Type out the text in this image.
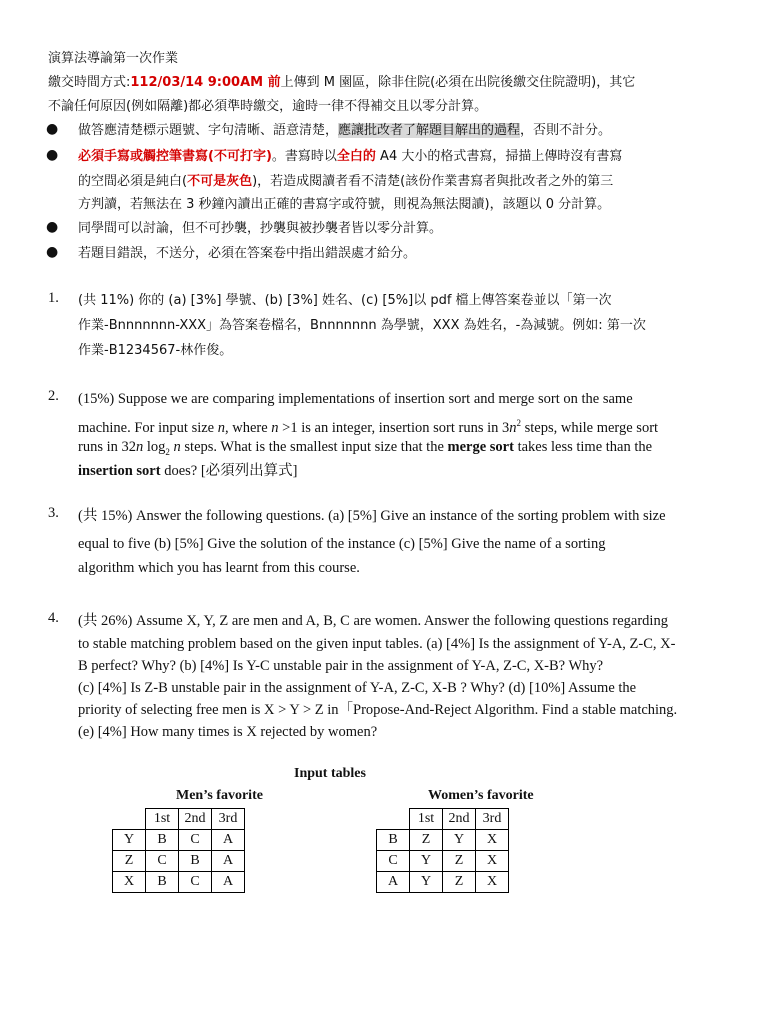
演算法導論第一次作業
繳交時間方式:112/03/14 9:00AM 前上傳到 M 園區，除非住院(必須在出院後繳交住院證明)，其它
不論任何原因(例如隔離)都必須準時繳交，逾時一律不得補交且以零分計算。
● 做答應清楚標示題號、字句清晰、語意清楚，應讓批改者了解題目解出的過程，否則不計分。
● 必須手寫或觸控筆書寫(不可打字)。書寫時以全白的 A4 大小的格式書寫，掃描上傳時沒有書寫
的空間必須是純白(不可是灰色)，若造成閱讀者看不清楚(該份作業書寫者與批改者之外的第三
方判讀，若無法在 3 秒鐘內讀出正確的書寫字或符號，則視為無法閱讀)，該題以 0 分計算。
● 同學間可以討論，但不可抄襲，抄襲與被抄襲者皆以零分計算。
● 若題目錯誤，不送分，必須在答案卷中指出錯誤處才給分。
1.	(共 11%) 你的 (a) [3%] 學號、(b) [3%] 姓名、(c) [5%]以 pdf 檔上傳答案卷並以「第一次
作業-Bnnnnnnn-XXX」為答案卷檔名，Bnnnnnnn 為學號，XXX 為姓名，-為減號。例如: 第一次
作業-B1234567-林作俊。
2.	(15%) Suppose we are comparing implementations of insertion sort and merge sort on the same
machine. For input size n, where n >1 is an integer, insertion sort runs in $3n^2$ steps, while merge sort
runs in 32n $\log_2 n$ steps. What is the smallest input size that the merge sort takes less time than the
insertion sort does? [必須列出算式]
3.	(共 15%) Answer the following questions. (a) [5%] Give an instance of the sorting problem with size
equal to five (b) [5%] Give the solution of the instance (c) [5%] Give the name of a sorting
algorithm which you has learnt from this course.
4.	(共 26%) Assume X, Y, Z are men and A, B, C are women. Answer the following questions regarding
to stable matching problem based on the given input tables. (a) [4%] Is the assignment of Y-A, Z-C, X-
B perfect? Why? (b) [4%] Is Y-C unstable pair in the assignment of Y-A, Z-C, X-B? Why?
(c) [4%] Is Z-B unstable pair in the assignment of Y-A, Z-C, X-B ? Why? (d) [10%] Assume the
priority of selecting free men is X > Y > Z in「Propose-And-Reject Algorithm. Find a stable matching.
(e) [4%] How many times is X rejected by women?
Input tables
Men’s favorite	Women’s favorite
	1st	2nd	3rd
Y	B	C	A
Z	C	B	A
X	B	C	A
	1st	2nd	3rd
B	Z	Y	X
C	Y	Z	X
A	Y	Z	X
